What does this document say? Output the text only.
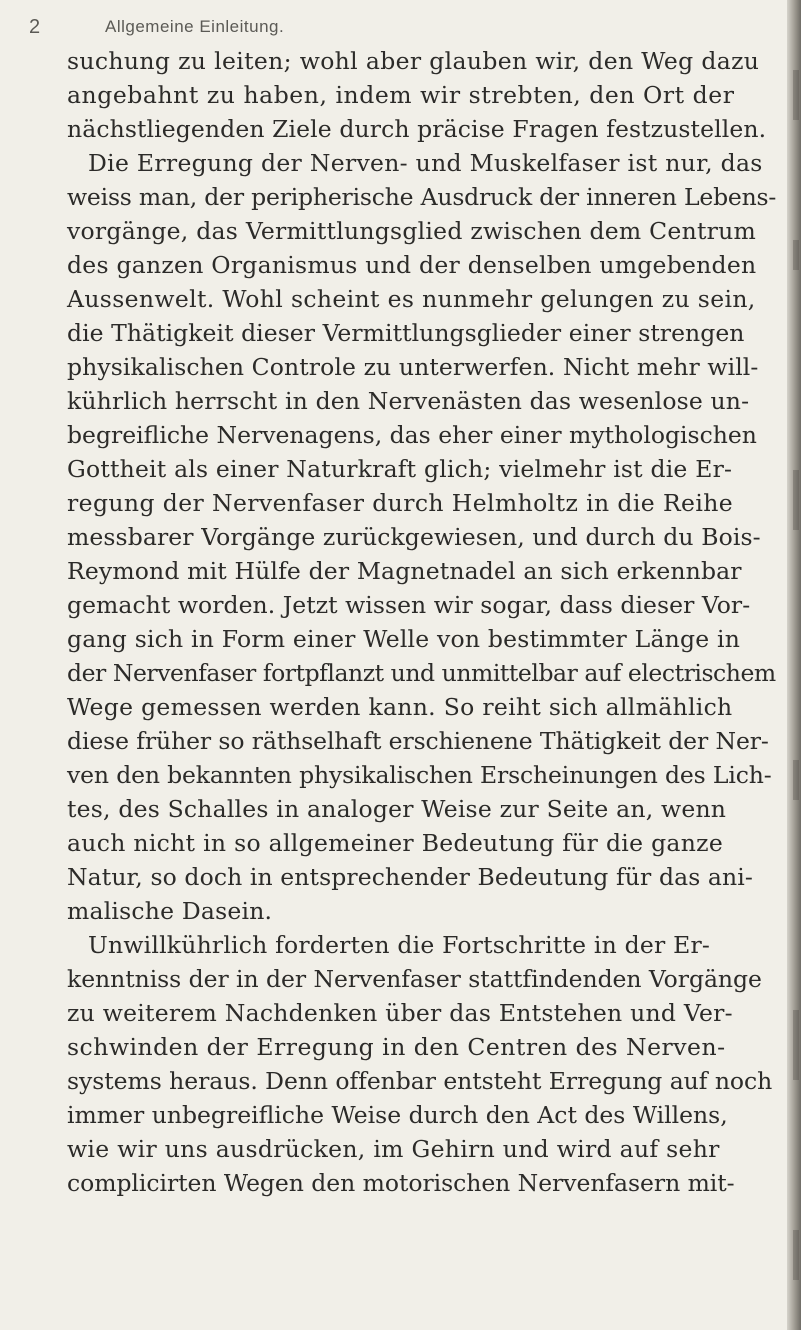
2	Allgemeine Einleitung.
suchung zu leiten; wohl aber glauben wir, den Weg dazu
angebahnt zu haben, indem wir strebten, den Ort der
nächstliegenden Ziele durch präcise Fragen festzustellen.
Die Erregung der Nerven- und Muskelfaser ist nur, das
weiss man, der peripherische Ausdruck der inneren Lebens-
vorgänge, das Vermittlungsglied zwischen dem Centrum
des ganzen Organismus und der denselben umgebenden
Aussenwelt. Wohl scheint es nunmehr gelungen zu sein,
die Thätigkeit dieser Vermittlungsglieder einer strengen
physikalischen Controle zu unterwerfen. Nicht mehr will-
kührlich herrscht in den Nervenästen das wesenlose un-
begreifliche Nervenagens, das eher einer mythologischen
Gottheit als einer Naturkraft glich; vielmehr ist die Er-
regung der Nervenfaser durch Helmholtz in die Reihe
messbarer Vorgänge zurückgewiesen, und durch du Bois-
Reymond mit Hülfe der Magnetnadel an sich erkennbar
gemacht worden. Jetzt wissen wir sogar, dass dieser Vor-
gang sich in Form einer Welle von bestimmter Länge in
der Nervenfaser fortpflanzt und unmittelbar auf electrischem
Wege gemessen werden kann. So reiht sich allmählich
diese früher so räthselhaft erschienene Thätigkeit der Ner-
ven den bekannten physikalischen Erscheinungen des Lich-
tes, des Schalles in analoger Weise zur Seite an, wenn
auch nicht in so allgemeiner Bedeutung für die ganze
Natur, so doch in entsprechender Bedeutung für das ani-
malische Dasein.
Unwillkührlich forderten die Fortschritte in der Er-
kenntniss der in der Nervenfaser stattfindenden Vorgänge
zu weiterem Nachdenken über das Entstehen und Ver-
schwinden der Erregung in den Centren des Nerven-
systems heraus. Denn offenbar entsteht Erregung auf noch
immer unbegreifliche Weise durch den Act des Willens,
wie wir uns ausdrücken, im Gehirn und wird auf sehr
complicirten Wegen den motorischen Nervenfasern mit-
